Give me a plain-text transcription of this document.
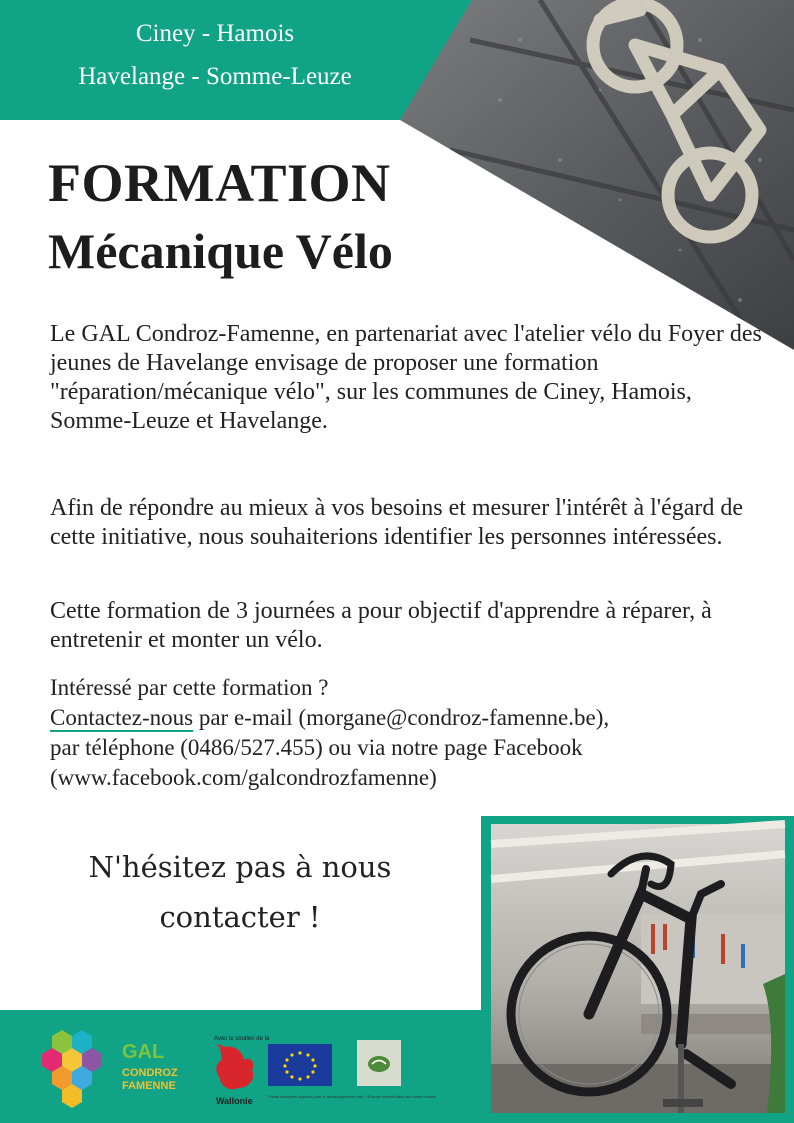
Ciney - Hamois
Havelange - Somme-Leuze
FORMATION
Mécanique Vélo

Le GAL Condroz-Famenne, en partenariat avec l'atelier vélo du Foyer des jeunes de Havelange envisage de proposer une formation "réparation/mécanique vélo", sur les communes de Ciney, Hamois, Somme-Leuze et Havelange.

Afin de répondre au mieux à vos besoins et mesurer l'intérêt à l'égard de cette initiative, nous souhaiterions identifier les personnes intéressées.

Cette formation de 3 journées a pour objectif d'apprendre à réparer, à entretenir et monter un vélo.

Intéressé par cette formation ?
Contactez-nous par e-mail (morgane@condroz-famenne.be),
par téléphone (0486/527.455) ou via notre page Facebook
(www.facebook.com/galcondrozfamenne)
N'hésitez pas à nous
contacter !
GAL
CONDROZ
FAMENNE
Avec le soutien de la
Wallonie	Fonds européen agricole pour le développement rural : l'Europe investit dans les zones rurales
